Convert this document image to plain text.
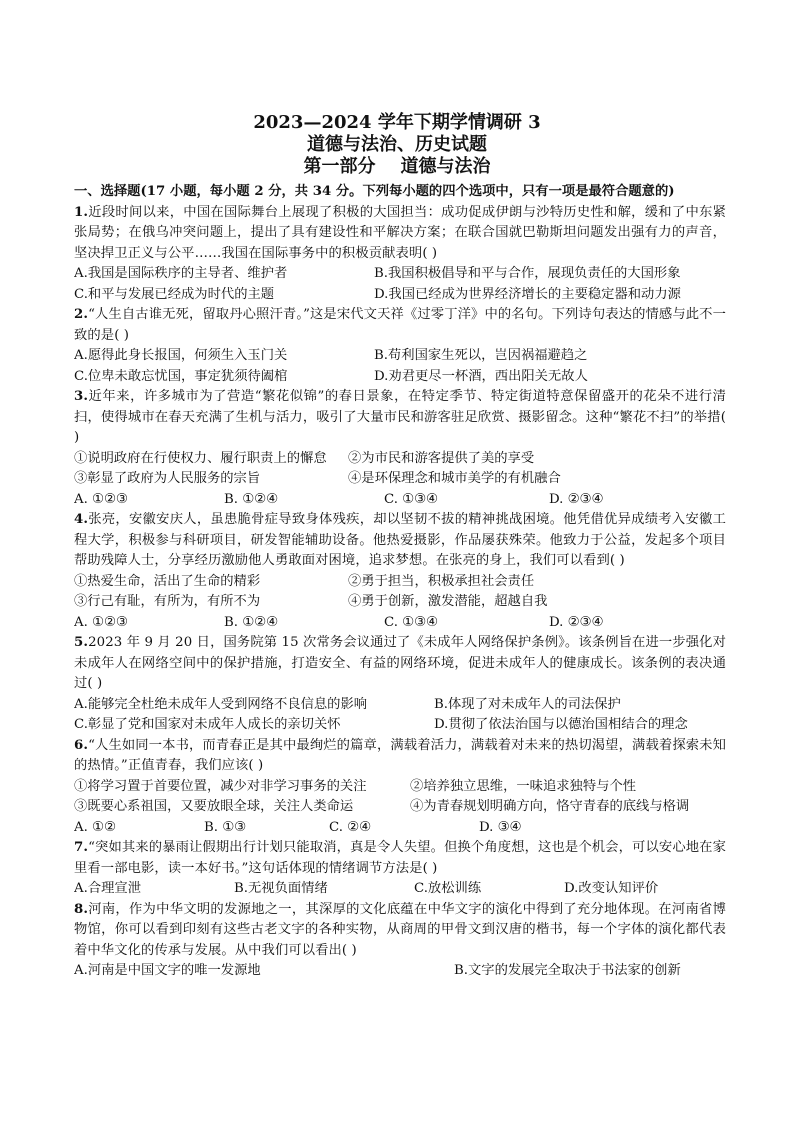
2023—2024 学年下期学情调研 3
道德与法治、历史试题
第一部分    道德与法治
一、选择题(17 小题，每小题 2 分，共 34 分。下列每小题的四个选项中，只有一项是最符合题意的)
1.近段时间以来，中国在国际舞台上展现了积极的大国担当：成功促成伊朗与沙特历史性和解，缓和了中东紧张局势；在俄乌冲突问题上，提出了具有建设性和平解决方案；在联合国就巴勒斯坦问题发出强有力的声音，坚决捍卫正义与公平……我国在国际事务中的积极贡献表明( )
A.我国是国际秩序的主导者、维护者	B.我国积极倡导和平与合作，展现负责任的大国形象
C.和平与发展已经成为时代的主题	D.我国已经成为世界经济增长的主要稳定器和动力源
2.“人生自古谁无死，留取丹心照汗青。”这是宋代文天祥《过零丁洋》中的名句。下列诗句表达的情感与此不一致的是( )
A.愿得此身长报国，何须生入玉门关	B.苟利国家生死以，岂因祸福避趋之
C.位卑未敢忘忧国，事定犹须待阖棺	D.劝君更尽一杯酒，西出阳关无故人
3.近年来，许多城市为了营造“繁花似锦”的春日景象，在特定季节、特定街道特意保留盛开的花朵不进行清扫，使得城市在春天充满了生机与活力，吸引了大量市民和游客驻足欣赏、摄影留念。这种“繁花不扫”的举措( )
①说明政府在行使权力、履行职责上的懈怠	②为市民和游客提供了美的享受
③彰显了政府为人民服务的宗旨	④是环保理念和城市美学的有机融合
A. ①②③	B. ①②④	C. ①③④	D. ②③④
4.张亮，安徽安庆人，虽患脆骨症导致身体残疾，却以坚韧不拔的精神挑战困境。他凭借优异成绩考入安徽工程大学，积极参与科研项目，研发智能辅助设备。他热爱摄影，作品屡获殊荣。他致力于公益，发起多个项目帮助残障人士，分享经历激励他人勇敢面对困境，追求梦想。在张亮的身上，我们可以看到( )
①热爱生命，活出了生命的精彩	②勇于担当，积极承担社会责任
③行己有耻，有所为，有所不为	④勇于创新，激发潜能，超越自我
A. ①②③	B. ①②④	C. ①③④	D. ②③④
5.2023 年 9 月 20 日，国务院第 15 次常务会议通过了《未成年人网络保护条例》。该条例旨在进一步强化对未成年人在网络空间中的保护措施，打造安全、有益的网络环境，促进未成年人的健康成长。该条例的表决通过( )
A.能够完全杜绝未成年人受到网络不良信息的影响	B.体现了对未成年人的司法保护
C.彰显了党和国家对未成年人成长的亲切关怀	D.贯彻了依法治国与以德治国相结合的理念
6.“人生如同一本书，而青春正是其中最绚烂的篇章，满载着活力，满载着对未来的热切渴望，满载着探索未知的热情。”正值青春，我们应该( )
①将学习置于首要位置，减少对非学习事务的关注	②培养独立思维，一味追求独特与个性
③既要心系祖国，又要放眼全球，关注人类命运	④为青春规划明确方向，恪守青春的底线与格调
A. ①②	B. ①③	C. ②④	D. ③④
7.“突如其来的暴雨让假期出行计划只能取消，真是令人失望。但换个角度想，这也是个机会，可以安心地在家里看一部电影，读一本好书。”这句话体现的情绪调节方法是( )
A.合理宣泄	B.无视负面情绪	C.放松训练	D.改变认知评价
8.河南，作为中华文明的发源地之一，其深厚的文化底蕴在中华文字的演化中得到了充分地体现。在河南省博物馆，你可以看到印刻有这些古老文字的各种实物，从商周的甲骨文到汉唐的楷书，每一个字体的演化都代表着中华文化的传承与发展。从中我们可以看出( )
A.河南是中国文字的唯一发源地	B.文字的发展完全取决于书法家的创新
